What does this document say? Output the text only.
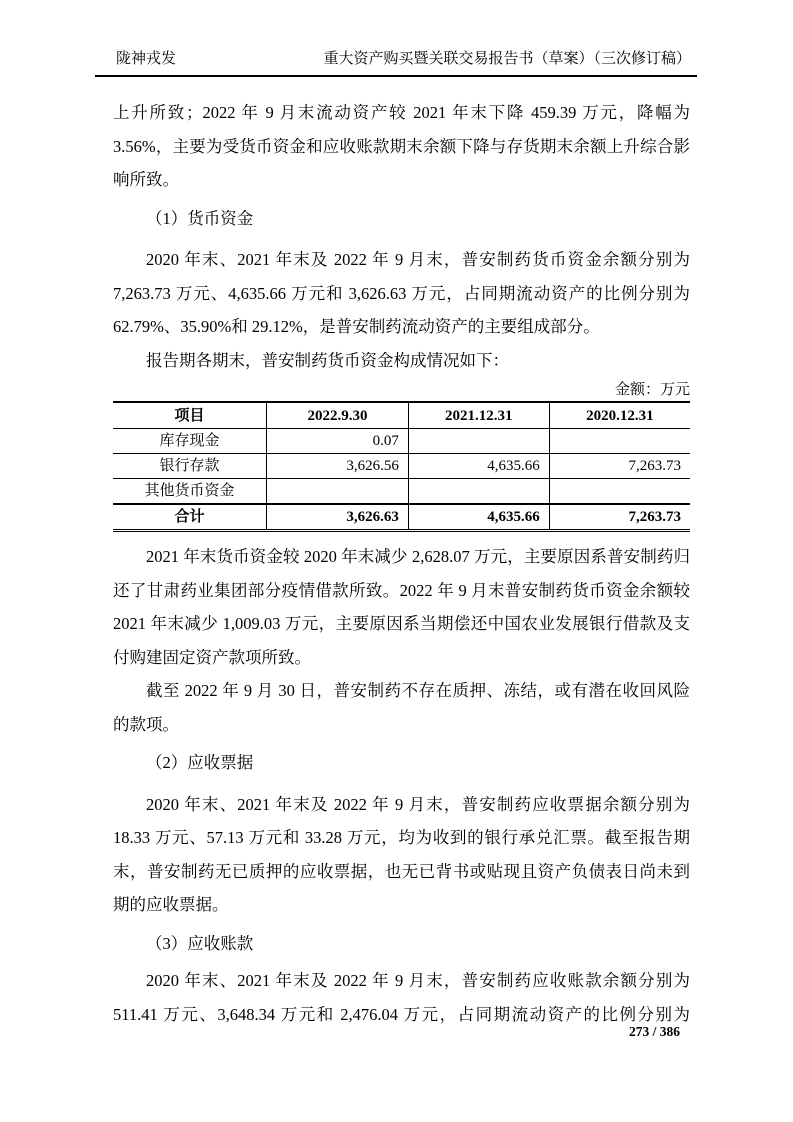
陇神戎发	重大资产购买暨关联交易报告书（草案）（三次修订稿）

上升所致；2022 年 9 月末流动资产较 2021 年末下降 459.39 万元，降幅为 3.56%，主要为受货币资金和应收账款期末余额下降与存货期末余额上升综合影响所致。

（1）货币资金

2020 年末、2021 年末及 2022 年 9 月末，普安制药货币资金余额分别为 7,263.73 万元、4,635.66 万元和 3,626.63 万元，占同期流动资产的比例分别为 62.79%、35.90%和 29.12%，是普安制药流动资产的主要组成部分。

报告期各期末，普安制药货币资金构成情况如下：

金额：万元
项目	2022.9.30	2021.12.31	2020.12.31
库存现金	0.07		
银行存款	3,626.56	4,635.66	7,263.73
其他货币资金			
合计	3,626.63	4,635.66	7,263.73

2021 年末货币资金较 2020 年末减少 2,628.07 万元，主要原因系普安制药归还了甘肃药业集团部分疫情借款所致。2022 年 9 月末普安制药货币资金余额较 2021 年末减少 1,009.03 万元，主要原因系当期偿还中国农业发展银行借款及支付购建固定资产款项所致。

截至 2022 年 9 月 30 日，普安制药不存在质押、冻结，或有潜在收回风险的款项。

（2）应收票据

2020 年末、2021 年末及 2022 年 9 月末，普安制药应收票据余额分别为 18.33 万元、57.13 万元和 33.28 万元，均为收到的银行承兑汇票。截至报告期末，普安制药无已质押的应收票据，也无已背书或贴现且资产负债表日尚未到期的应收票据。

（3）应收账款

2020 年末、2021 年末及 2022 年 9 月末，普安制药应收账款余额分别为 511.41 万元、3,648.34 万元和 2,476.04 万元，占同期流动资产的比例分别为

273 / 386
